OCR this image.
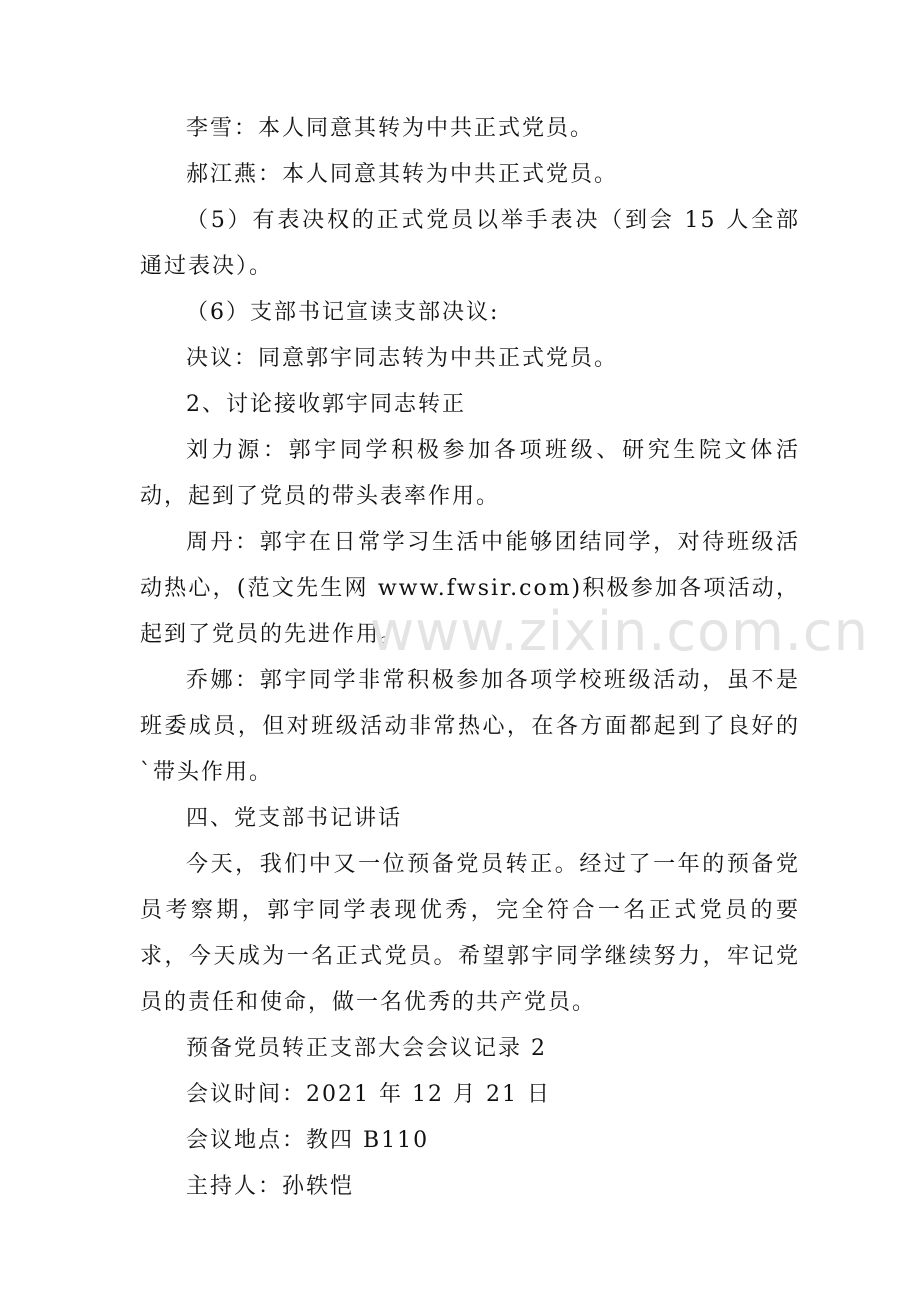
李雪：本人同意其转为中共正式党员。

郝江燕：本人同意其转为中共正式党员。

（5）有表决权的正式党员以举手表决（到会 15 人全部通过表决）。

（6）支部书记宣读支部决议:

决议：同意郭宇同志转为中共正式党员。

2、讨论接收郭宇同志转正

刘力源：郭宇同学积极参加各项班级、研究生院文体活动，起到了党员的带头表率作用。

周丹：郭宇在日常学习生活中能够团结同学，对待班级活动热心，(范文先生网 www.fwsir.com)积极参加各项活动，起到了党员的先进作用。

乔娜：郭宇同学非常积极参加各项学校班级活动，虽不是班委成员，但对班级活动非常热心，在各方面都起到了良好的`带头作用。

四、党支部书记讲话

今天，我们中又一位预备党员转正。经过了一年的预备党员考察期，郭宇同学表现优秀，完全符合一名正式党员的要求，今天成为一名正式党员。希望郭宇同学继续努力，牢记党员的责任和使命，做一名优秀的共产党员。

预备党员转正支部大会会议记录 2

会议时间：2021 年 12 月 21 日

会议地点：教四 B110

主持人：孙轶恺

www.zixin.com.cn
